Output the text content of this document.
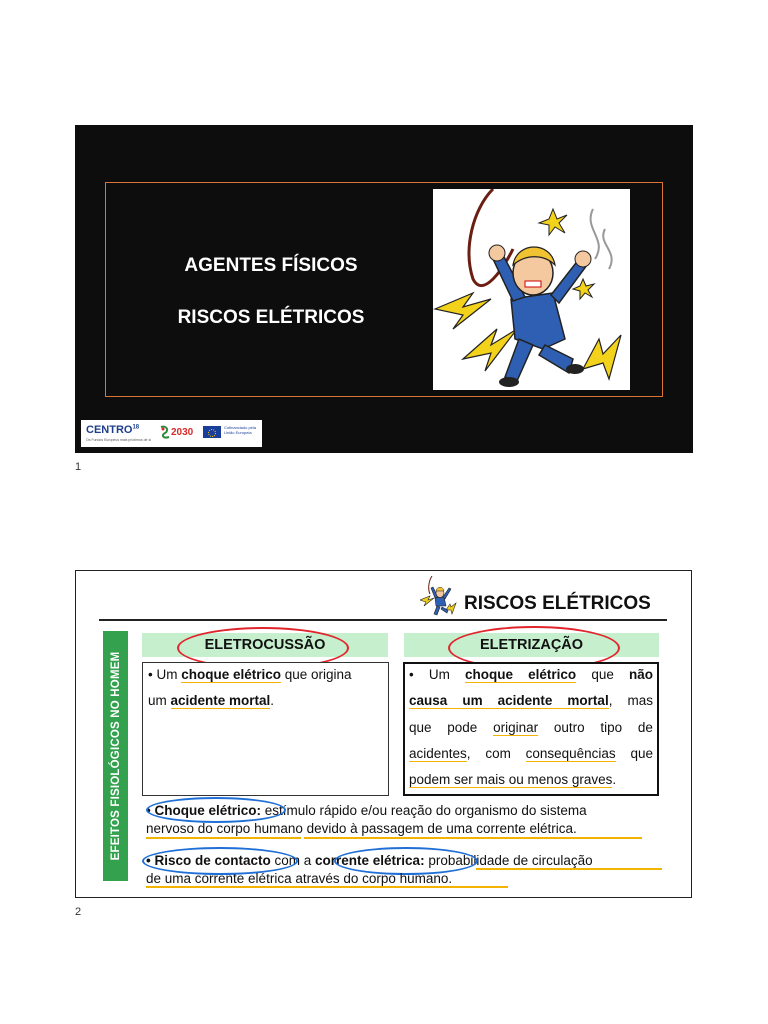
AGENTES FÍSICOS
RISCOS ELÉTRICOS
CENTRO$^{18}$
Os Fundos Europeus mais próximos de si
2030	Cofinanciado pela
União Europeia
1
RISCOS ELÉTRICOS
EFEITOS FISIOLÓGICOS NO HOMEM
ELETROCUSSÃO
• Um choque elétrico que origina
um acidente mortal.
ELETRIZAÇÃO
• Um choque elétrico que não
causa um acidente mortal, mas
que pode originar outro tipo de
acidentes, com consequências que
podem ser mais ou menos graves.
• Choque elétrico: estímulo rápido e/ou reação do organismo do sistema
nervoso do corpo humano devido à passagem de uma corrente elétrica.
• Risco de contacto com a corrente elétrica: probabilidade de circulação
de uma corrente elétrica através do corpo humano.
2
